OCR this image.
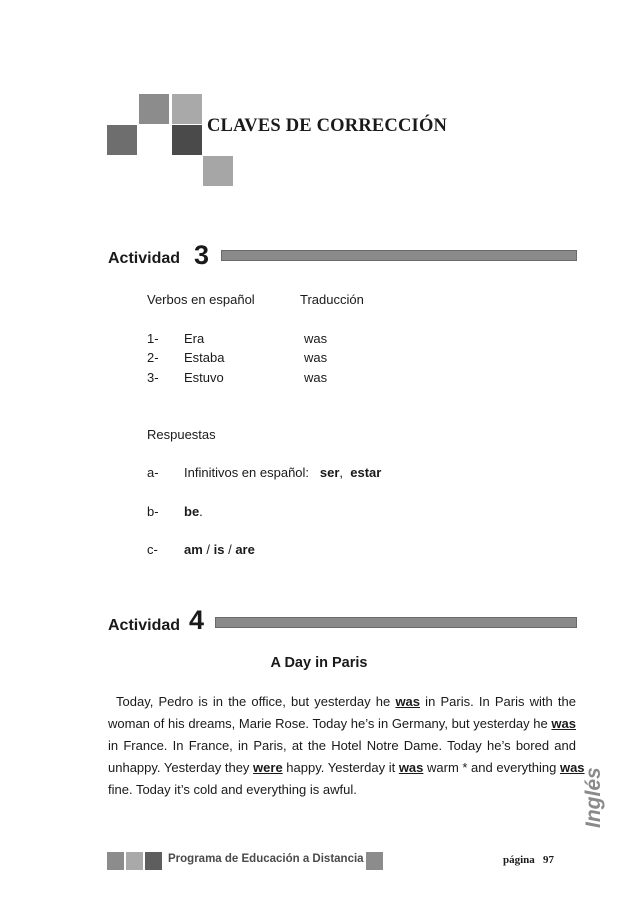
CLAVES DE CORRECCIÓN
Actividad 3
Verbos en español	Traducción
1- Era	was
2- Estaba	was
3- Estuvo	was
Respuestas
a- Infinitivos en español: ser, estar
b- be.
c- am / is / are
Actividad 4
A Day in Paris
Today, Pedro is in the office, but yesterday he was in Paris. In Paris with the
woman of his dreams, Marie Rose. Today he’s in Germany, but yesterday he was
in France. In France, in Paris, at the Hotel Notre Dame. Today he’s bored and
unhappy. Yesterday they were happy. Yesterday it was warm * and everything was
fine. Today it’s cold and everything is awful.	Inglés
Programa de Educación a Distancia	página 97
